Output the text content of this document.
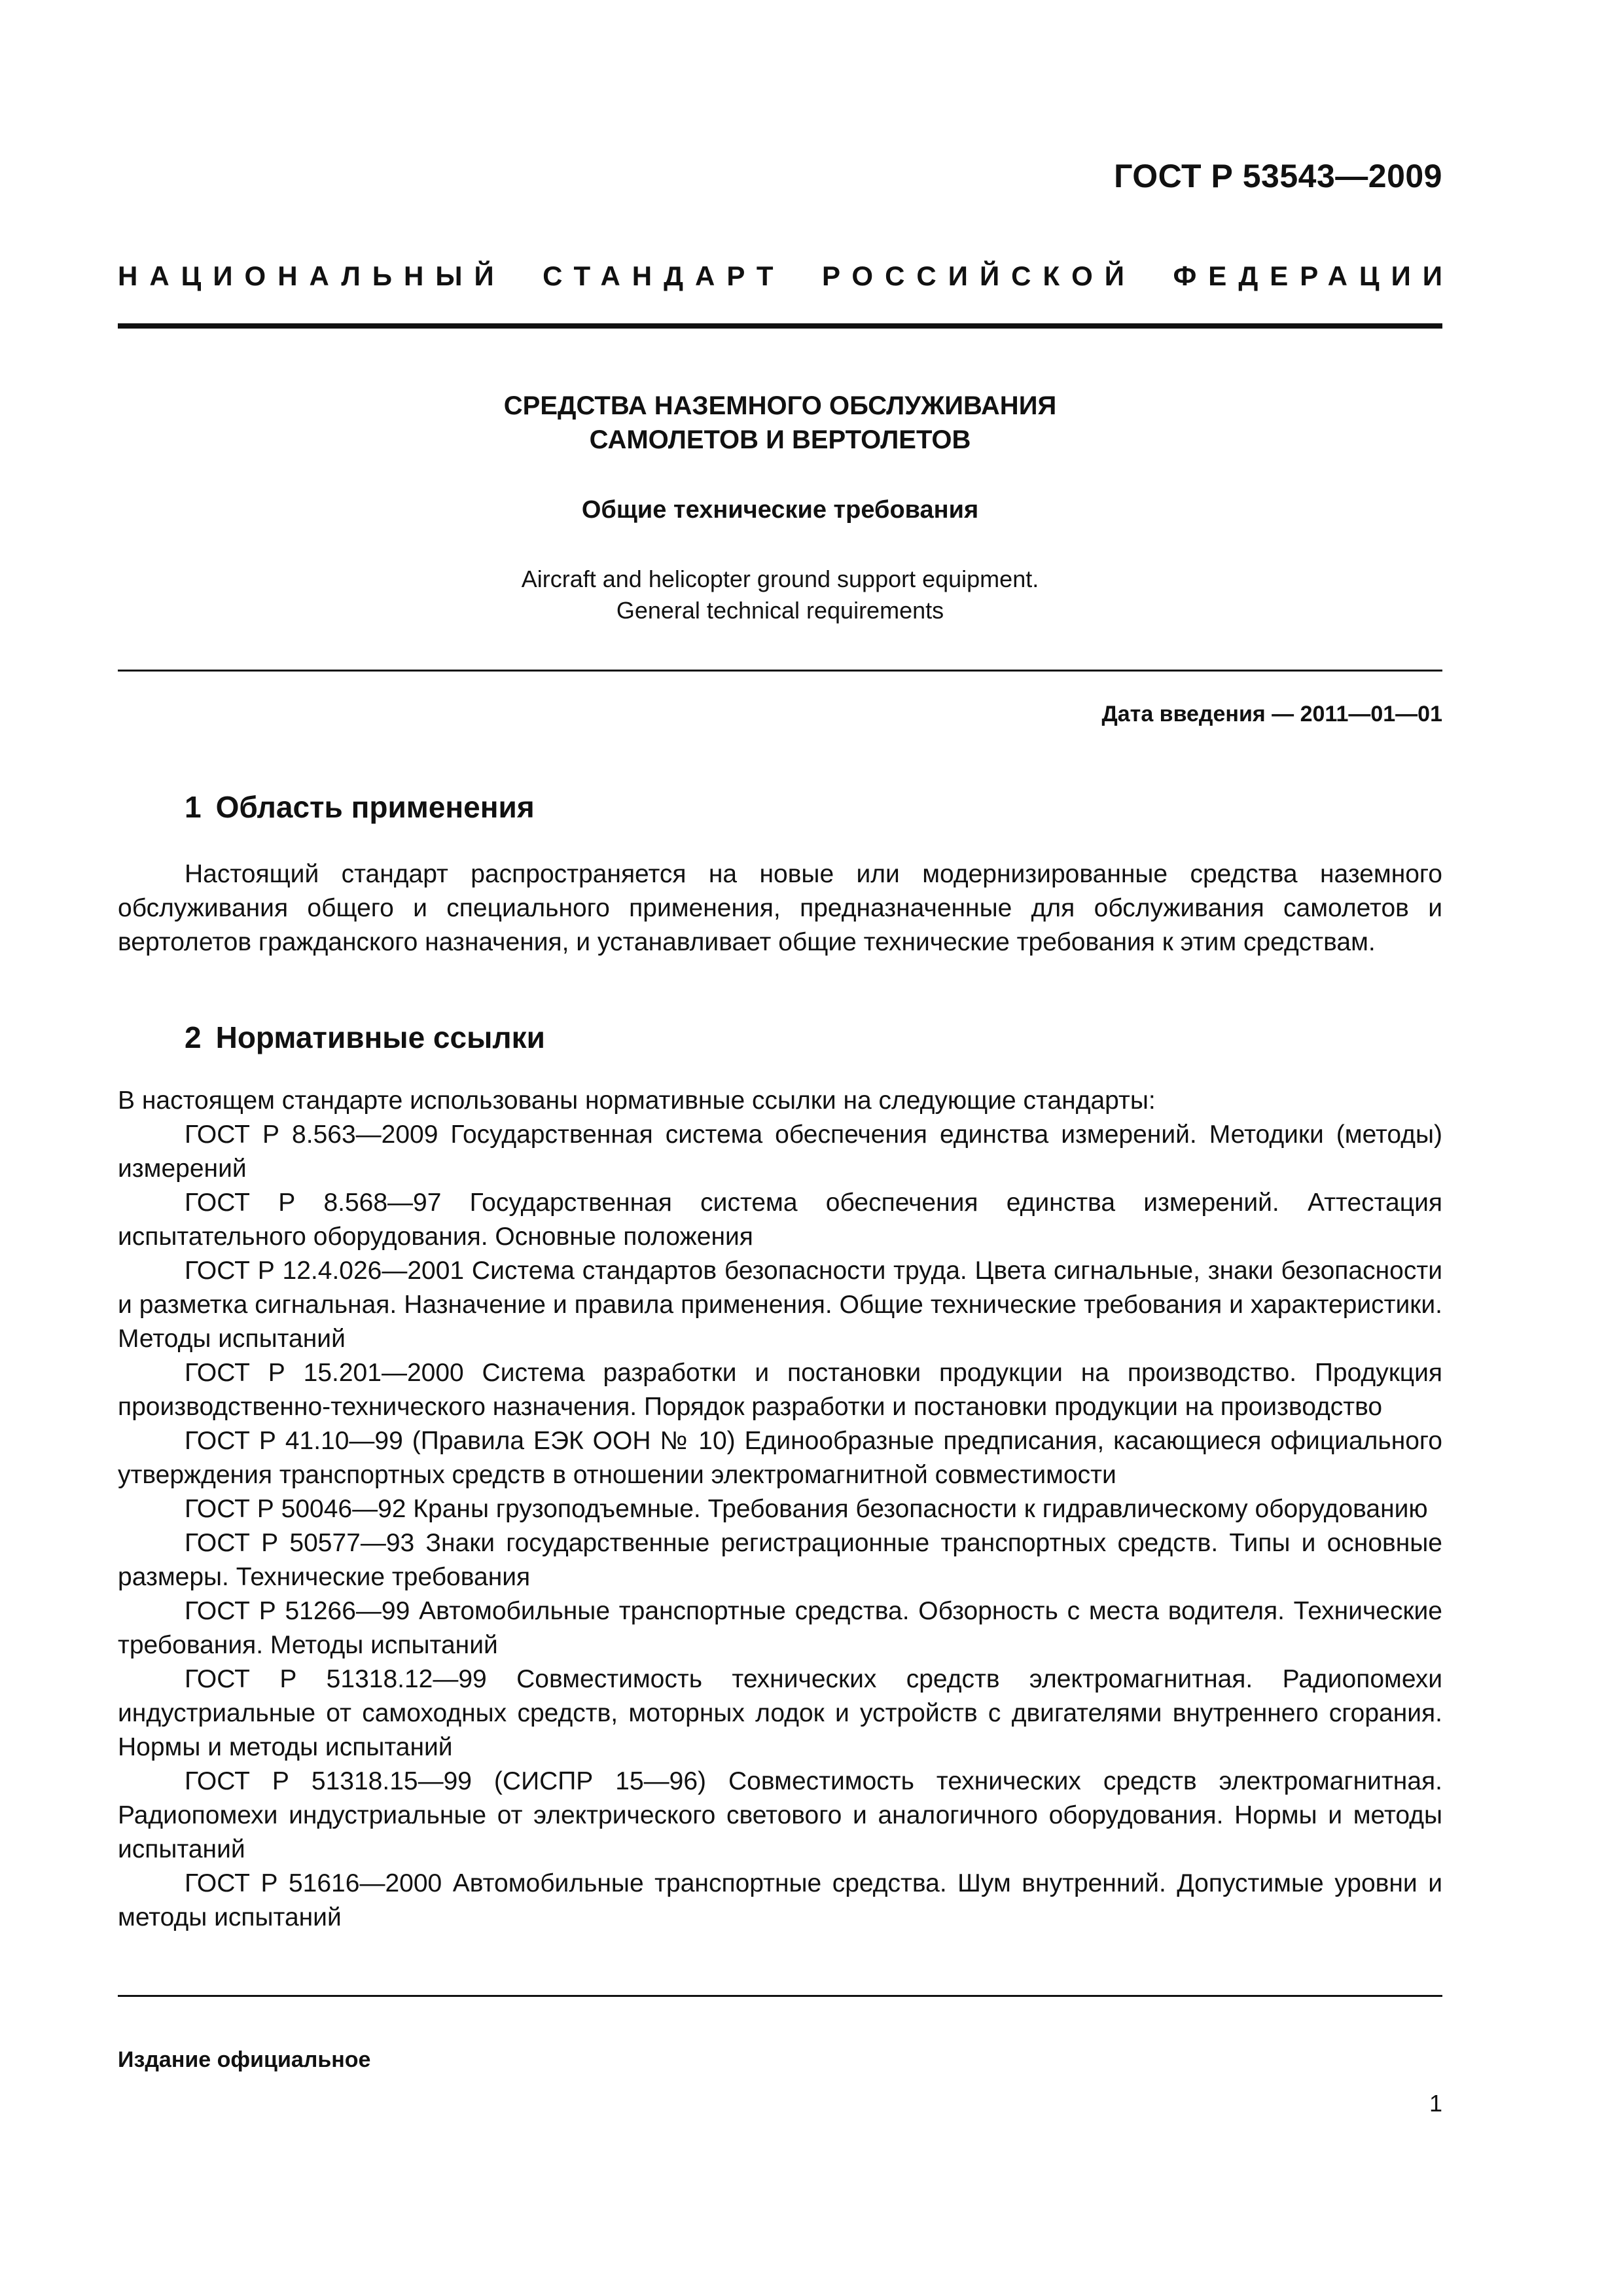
ГОСТ Р 53543—2009
НАЦИОНАЛЬНЫЙ СТАНДАРТ РОССИЙСКОЙ ФЕДЕРАЦИИ
СРЕДСТВА НАЗЕМНОГО ОБСЛУЖИВАНИЯ
САМОЛЕТОВ И ВЕРТОЛЕТОВ
Общие технические требования
Aircraft and helicopter ground support equipment.
General technical requirements
Дата введения — 2011—01—01
1 Область применения

Настоящий стандарт распространяется на новые или модернизированные средства наземного обслуживания общего и специального применения, предназначенные для обслуживания самолетов и вертолетов гражданского назначения, и устанавливает общие технические требования к этим средствам.

2 Нормативные ссылки

В настоящем стандарте использованы нормативные ссылки на следующие стандарты:

ГОСТ Р 8.563—2009 Государственная система обеспечения единства измерений. Методики (методы) измерений

ГОСТ Р 8.568—97 Государственная система обеспечения единства измерений. Аттестация испытательного оборудования. Основные положения

ГОСТ Р 12.4.026—2001 Система стандартов безопасности труда. Цвета сигнальные, знаки безопасности и разметка сигнальная. Назначение и правила применения. Общие технические требования и характеристики. Методы испытаний

ГОСТ Р 15.201—2000 Система разработки и постановки продукции на производство. Продукция производственно-технического назначения. Порядок разработки и постановки продукции на производство

ГОСТ Р 41.10—99 (Правила ЕЭК ООН № 10) Единообразные предписания, касающиеся официального утверждения транспортных средств в отношении электромагнитной совместимости

ГОСТ Р 50046—92 Краны грузоподъемные. Требования безопасности к гидравлическому оборудованию

ГОСТ Р 50577—93 Знаки государственные регистрационные транспортных средств. Типы и основные размеры. Технические требования

ГОСТ Р 51266—99 Автомобильные транспортные средства. Обзорность с места водителя. Технические требования. Методы испытаний

ГОСТ Р 51318.12—99 Совместимость технических средств электромагнитная. Радиопомехи индустриальные от самоходных средств, моторных лодок и устройств с двигателями внутреннего сгорания. Нормы и методы испытаний

ГОСТ Р 51318.15—99 (СИСПР 15—96) Совместимость технических средств электромагнитная. Радиопомехи индустриальные от электрического светового и аналогичного оборудования. Нормы и методы испытаний

ГОСТ Р 51616—2000 Автомобильные транспортные средства. Шум внутренний. Допустимые уровни и методы испытаний

Издание официальное
1
